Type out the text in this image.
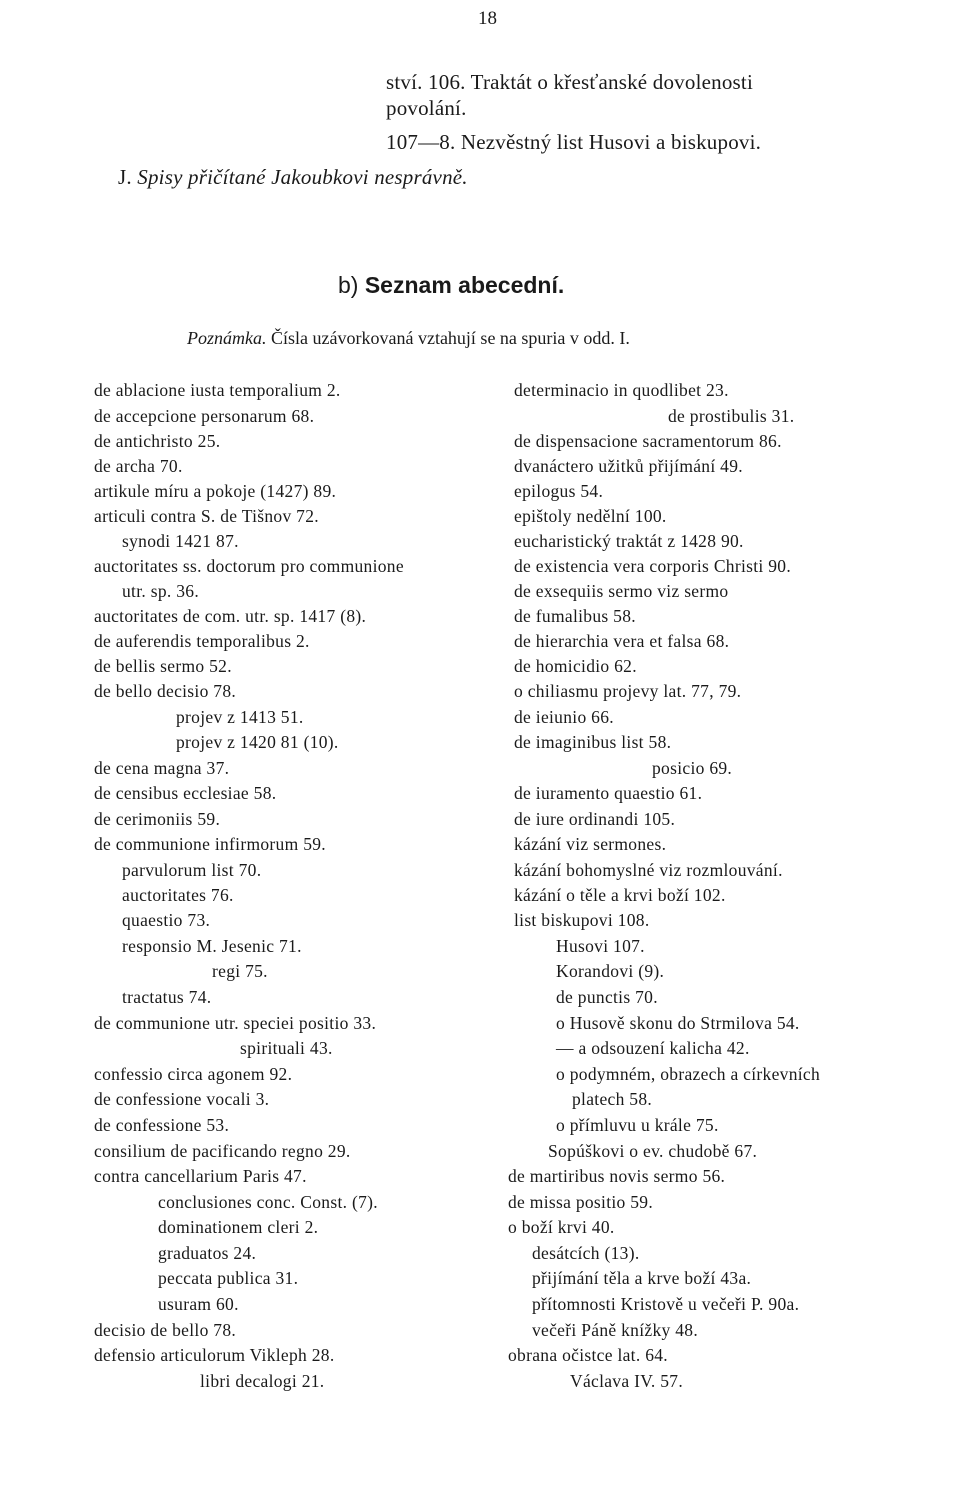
18
ství. 106. Traktát o křesťanské dovolenosti
povolání.
107—8. Nezvěstný list Husovi a biskupovi.
J. Spisy přičítané Jakoubkovi nesprávně.
b) Seznam abecední.
Poznámka. Čísla uzávorkovaná vztahují se na spuria v odd. I.
de ablacione iusta temporalium 2.
de accepcione personarum 68.
de antichristo 25.
de archa 70.
artikule míru a pokoje (1427) 89.
articuli contra S. de Tišnov 72.
synodi 1421 87.
auctoritates ss. doctorum pro communione
utr. sp. 36.
auctoritates de com. utr. sp. 1417 (8).
de auferendis temporalibus 2.
de bellis sermo 52.
de bello decisio 78.
projev z 1413 51.
projev z 1420 81 (10).
de cena magna 37.
de censibus ecclesiae 58.
de cerimoniis 59.
de communione infirmorum 59.
parvulorum list 70.
auctoritates 76.
quaestio 73.
responsio M. Jesenic 71.
regi 75.
tractatus 74.
de communione utr. speciei positio 33.
spirituali 43.
confessio circa agonem 92.
de confessione vocali 3.
de confessione 53.
consilium de pacificando regno 29.
contra cancellarium Paris 47.
conclusiones conc. Const. (7).
dominationem cleri 2.
graduatos 24.
peccata publica 31.
usuram 60.
decisio de bello 78.
defensio articulorum Vikleph 28.
libri decalogi 21.
determinacio in quodlibet 23.
de prostibulis 31.
de dispensacione sacramentorum 86.
dvanáctero užitků přijímání 49.
epilogus 54.
epištoly nedělní 100.
eucharistický traktát z 1428 90.
de existencia vera corporis Christi 90.
de exsequiis sermo viz sermo
de fumalibus 58.
de hierarchia vera et falsa 68.
de homicidio 62.
o chiliasmu projevy lat. 77, 79.
de ieiunio 66.
de imaginibus list 58.
posicio 69.
de iuramento quaestio 61.
de iure ordinandi 105.
kázání viz sermones.
kázání bohomyslné viz rozmlouvání.
kázání o těle a krvi boží 102.
list biskupovi 108.
Husovi 107.
Korandovi (9).
de punctis 70.
o Husově skonu do Strmilova 54.
— a odsouzení kalicha 42.
o podymném, obrazech a církevních
platech 58.
o přímluvu u krále 75.
Sopúškovi o ev. chudobě 67.
de martiribus novis sermo 56.
de missa positio 59.
o boží krvi 40.
desátcích (13).
přijímání těla a krve boží 43a.
přítomnosti Kristově u večeři P. 90a.
večeři Páně knížky 48.
obrana očistce lat. 64.
Václava IV. 57.
